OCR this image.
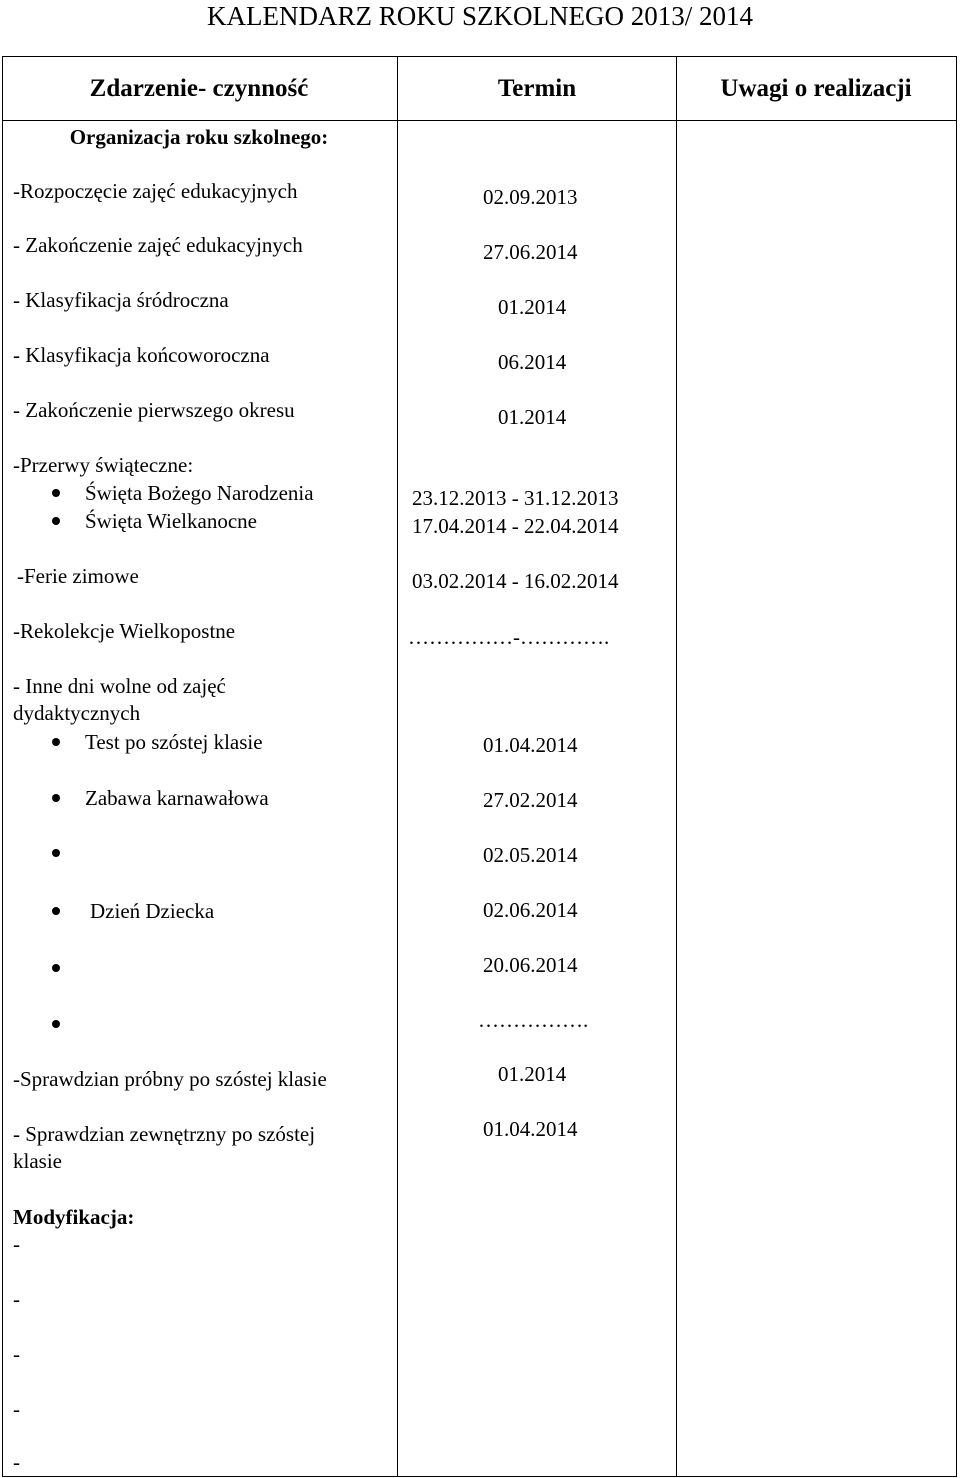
KALENDARZ ROKU SZKOLNEGO 2013/ 2014
Zdarzenie- czynność	Termin	Uwagi o realizacji
Organizacja roku szkolnego:
-Rozpoczęcie zajęć edukacyjnych
- Zakończenie zajęć edukacyjnych
- Klasyfikacja śródroczna
- Klasyfikacja końcoworoczna
- Zakończenie pierwszego okresu
-Przerwy świąteczne:
Święta Bożego Narodzenia
Święta Wielkanocne
-Ferie zimowe
-Rekolekcje Wielkopostne
- Inne dni wolne od zajęć
dydaktycznych
Test po szóstej klasie
Zabawa karnawałowa
Dzień Dziecka
-Sprawdzian próbny po szóstej klasie
- Sprawdzian zewnętrzny po szóstej
klasie
Modyfikacja:
-
-
-
-
-
02.09.2013
27.06.2014
01.2014
06.2014
01.2014
23.12.2013 - 31.12.2013
17.04.2014 - 22.04.2014
03.02.2014 - 16.02.2014
……………-………….
01.04.2014
27.02.2014
02.05.2014
02.06.2014
20.06.2014
…………….
01.2014
01.04.2014
